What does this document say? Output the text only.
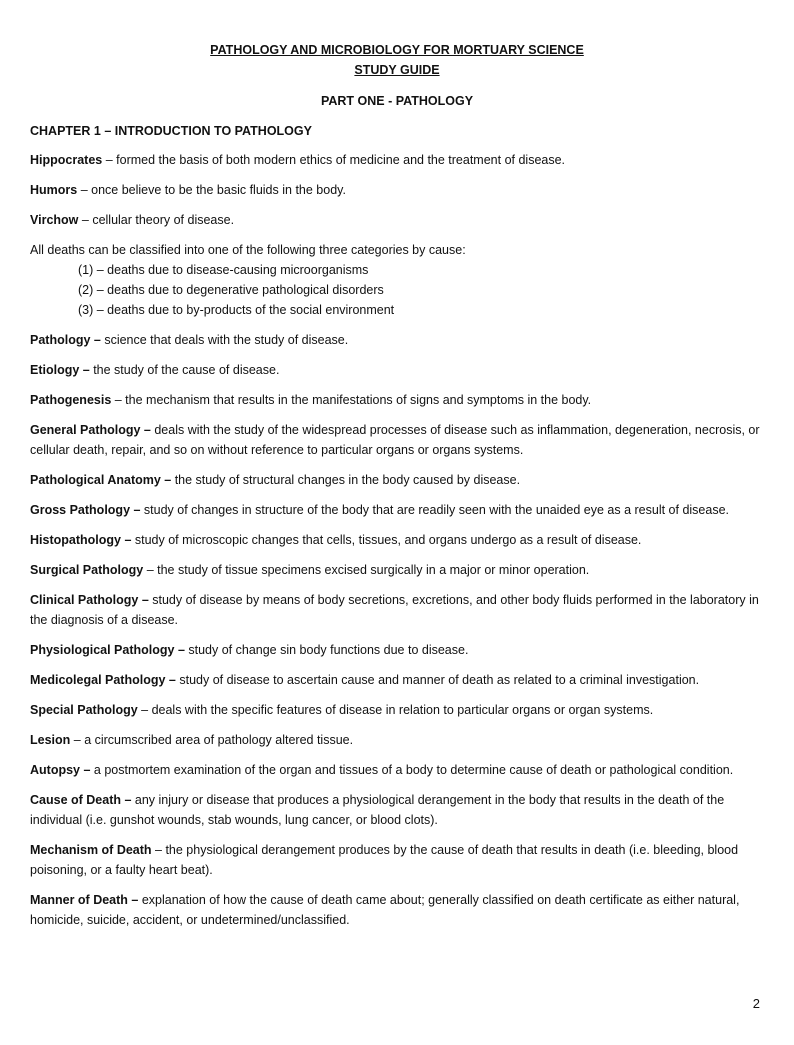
PATHOLOGY AND MICROBIOLOGY FOR MORTUARY SCIENCE

STUDY GUIDE

PART ONE - PATHOLOGY

CHAPTER 1 – INTRODUCTION TO PATHOLOGY

Hippocrates – formed the basis of both modern ethics of medicine and the treatment of disease.

Humors – once believe to be the basic fluids in the body.

Virchow – cellular theory of disease.

All deaths can be classified into one of the following three categories by cause:

(1) – deaths due to disease-causing microorganisms
(2) – deaths due to degenerative pathological disorders
(3) – deaths due to by-products of the social environment

Pathology – science that deals with the study of disease.

Etiology – the study of the cause of disease.

Pathogenesis – the mechanism that results in the manifestations of signs and symptoms in the body.

General Pathology – deals with the study of the widespread processes of disease such as inflammation, degeneration, necrosis, or cellular death, repair, and so on without reference to particular organs or organs systems.

Pathological Anatomy – the study of structural changes in the body caused by disease.

Gross Pathology – study of changes in structure of the body that are readily seen with the unaided eye as a result of disease.

Histopathology – study of microscopic changes that cells, tissues, and organs undergo as a result of disease.

Surgical Pathology – the study of tissue specimens excised surgically in a major or minor operation.

Clinical Pathology – study of disease by means of body secretions, excretions, and other body fluids performed in the laboratory in the diagnosis of a disease.

Physiological Pathology – study of change sin body functions due to disease.

Medicolegal Pathology – study of disease to ascertain cause and manner of death as related to a criminal investigation.

Special Pathology – deals with the specific features of disease in relation to particular organs or organ systems.

Lesion – a circumscribed area of pathology altered tissue.

Autopsy – a postmortem examination of the organ and tissues of a body to determine cause of death or pathological condition.

Cause of Death – any injury or disease that produces a physiological derangement in the body that results in the death of the individual (i.e. gunshot wounds, stab wounds, lung cancer, or blood clots).

Mechanism of Death – the physiological derangement produces by the cause of death that results in death (i.e. bleeding, blood poisoning, or a faulty heart beat).

Manner of Death – explanation of how the cause of death came about; generally classified on death certificate as either natural, homicide, suicide, accident, or undetermined/unclassified.

2
